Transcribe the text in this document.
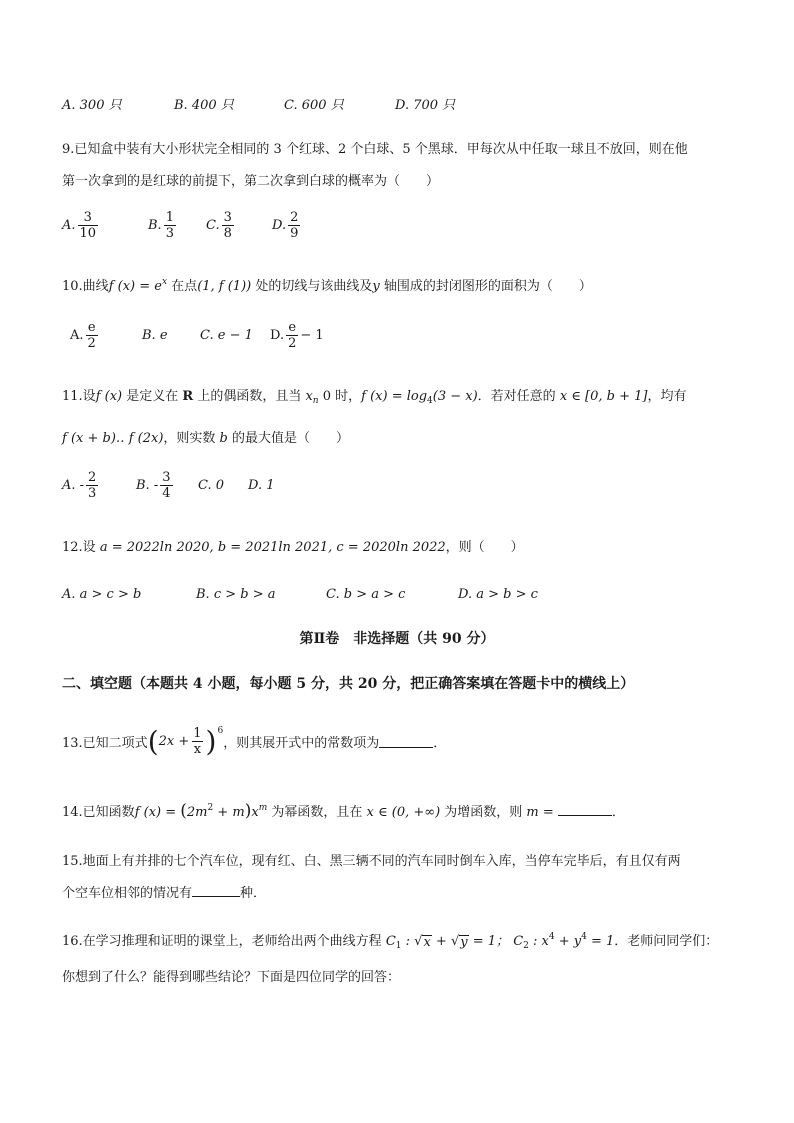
A. 300 只	B. 400 只	C. 600 只	D. 700 只
9.已知盒中装有大小形状完全相同的 3 个红球、2 个白球、5 个黑球．甲每次从中任取一球且不放回，则在他
第一次拿到的是红球的前提下，第二次拿到白球的概率为（　　）
A. $\frac{3}{10}$	B. $\frac{1}{3} C$. $\frac{3}{8}$	D. $\frac{2}{9}$
10.曲线f $(x) = e^x$ 在点(1, f (1)) 处的切线与该曲线及y 轴围成的封闭图形的面积为（　　）
A. $\frac{e}{2}$	B. e	C. e − 1	D. $\frac{e}{2} - 1$
11.设f (x) 是定义在 R 上的偶函数，且当 $x_n$ 0 时，f $(x) = \log_4(3 - x)$．若对任意的 x ∈ [0, b + 1]，均有
f (x + b)‥ f (2x)，则实数 b 的最大值是（　　）
A. - $\frac{2}{3}$	B. - $\frac{3}{4} C$. 0	D. 1
12.设 a = 2022ln 2020, b = 2021ln 2021, c = 2020ln 2022，则（　　）
A. a > c > b	B. c > b > a	C. b > a > c	D. a > b > c
第Ⅱ卷　非选择题（共 90 分）
二、填空题（本题共 4 小题，每小题 5 分，共 20 分，把正确答案填在答题卡中的横线上）
13.已知二项式 ( $2x + \frac{1}{x}$ ) 6
，则其展开式中的常数项为	．
14.已知函数f $(x) = (2m^2 + m)x^m$ 为幂函数，且在 x ∈ (0, +∞) 为增函数，则 m =	．
15.地面上有并排的七个汽车位，现有红、白、黑三辆不同的汽车同时倒车入库，当停车完毕后，有且仅有两
个空车位相邻的情况有	种．
16.在学习推理和证明的课堂上，老师给出两个曲线方程 $C_1$ : √ x + √ y = 1； $C_2$ : $x^4 + y^4 = 1$．老师问同学们：
你想到了什么？能得到哪些结论？下面是四位同学的回答：
